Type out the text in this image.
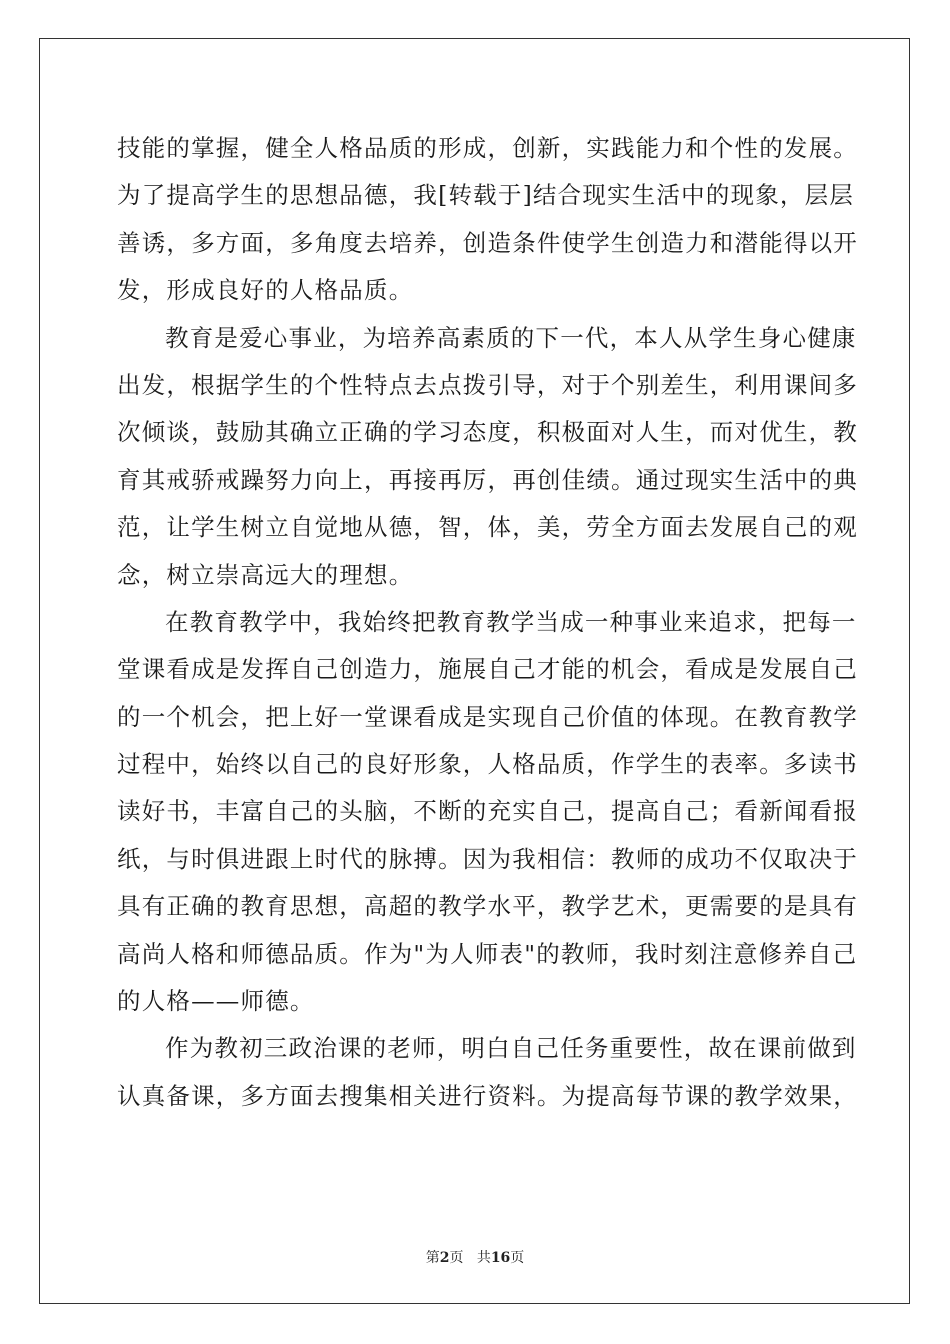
技能的掌握，健全人格品质的形成，创新，实践能力和个性的发展。
为了提高学生的思想品德，我[转载于]结合现实生活中的现象，层层
善诱，多方面，多角度去培养，创造条件使学生创造力和潜能得以开
发，形成良好的人格品质。
教育是爱心事业，为培养高素质的下一代，本人从学生身心健康
出发，根据学生的个性特点去点拨引导，对于个别差生，利用课间多
次倾谈，鼓励其确立正确的学习态度，积极面对人生，而对优生，教
育其戒骄戒躁努力向上，再接再厉，再创佳绩。通过现实生活中的典
范，让学生树立自觉地从德，智，体，美，劳全方面去发展自己的观
念，树立崇高远大的理想。
在教育教学中，我始终把教育教学当成一种事业来追求，把每一
堂课看成是发挥自己创造力，施展自己才能的机会，看成是发展自己
的一个机会，把上好一堂课看成是实现自己价值的体现。在教育教学
过程中，始终以自己的良好形象，人格品质，作学生的表率。多读书
读好书，丰富自己的头脑，不断的充实自己，提高自己；看新闻看报
纸，与时俱进跟上时代的脉搏。因为我相信：教师的成功不仅取决于
具有正确的教育思想，高超的教学水平，教学艺术，更需要的是具有
高尚人格和师德品质。作为"为人师表"的教师，我时刻注意修养自己
的人格——师德。
作为教初三政治课的老师，明白自己任务重要性，故在课前做到
认真备课，多方面去搜集相关进行资料。为提高每节课的教学效果，
第2页 共16页
